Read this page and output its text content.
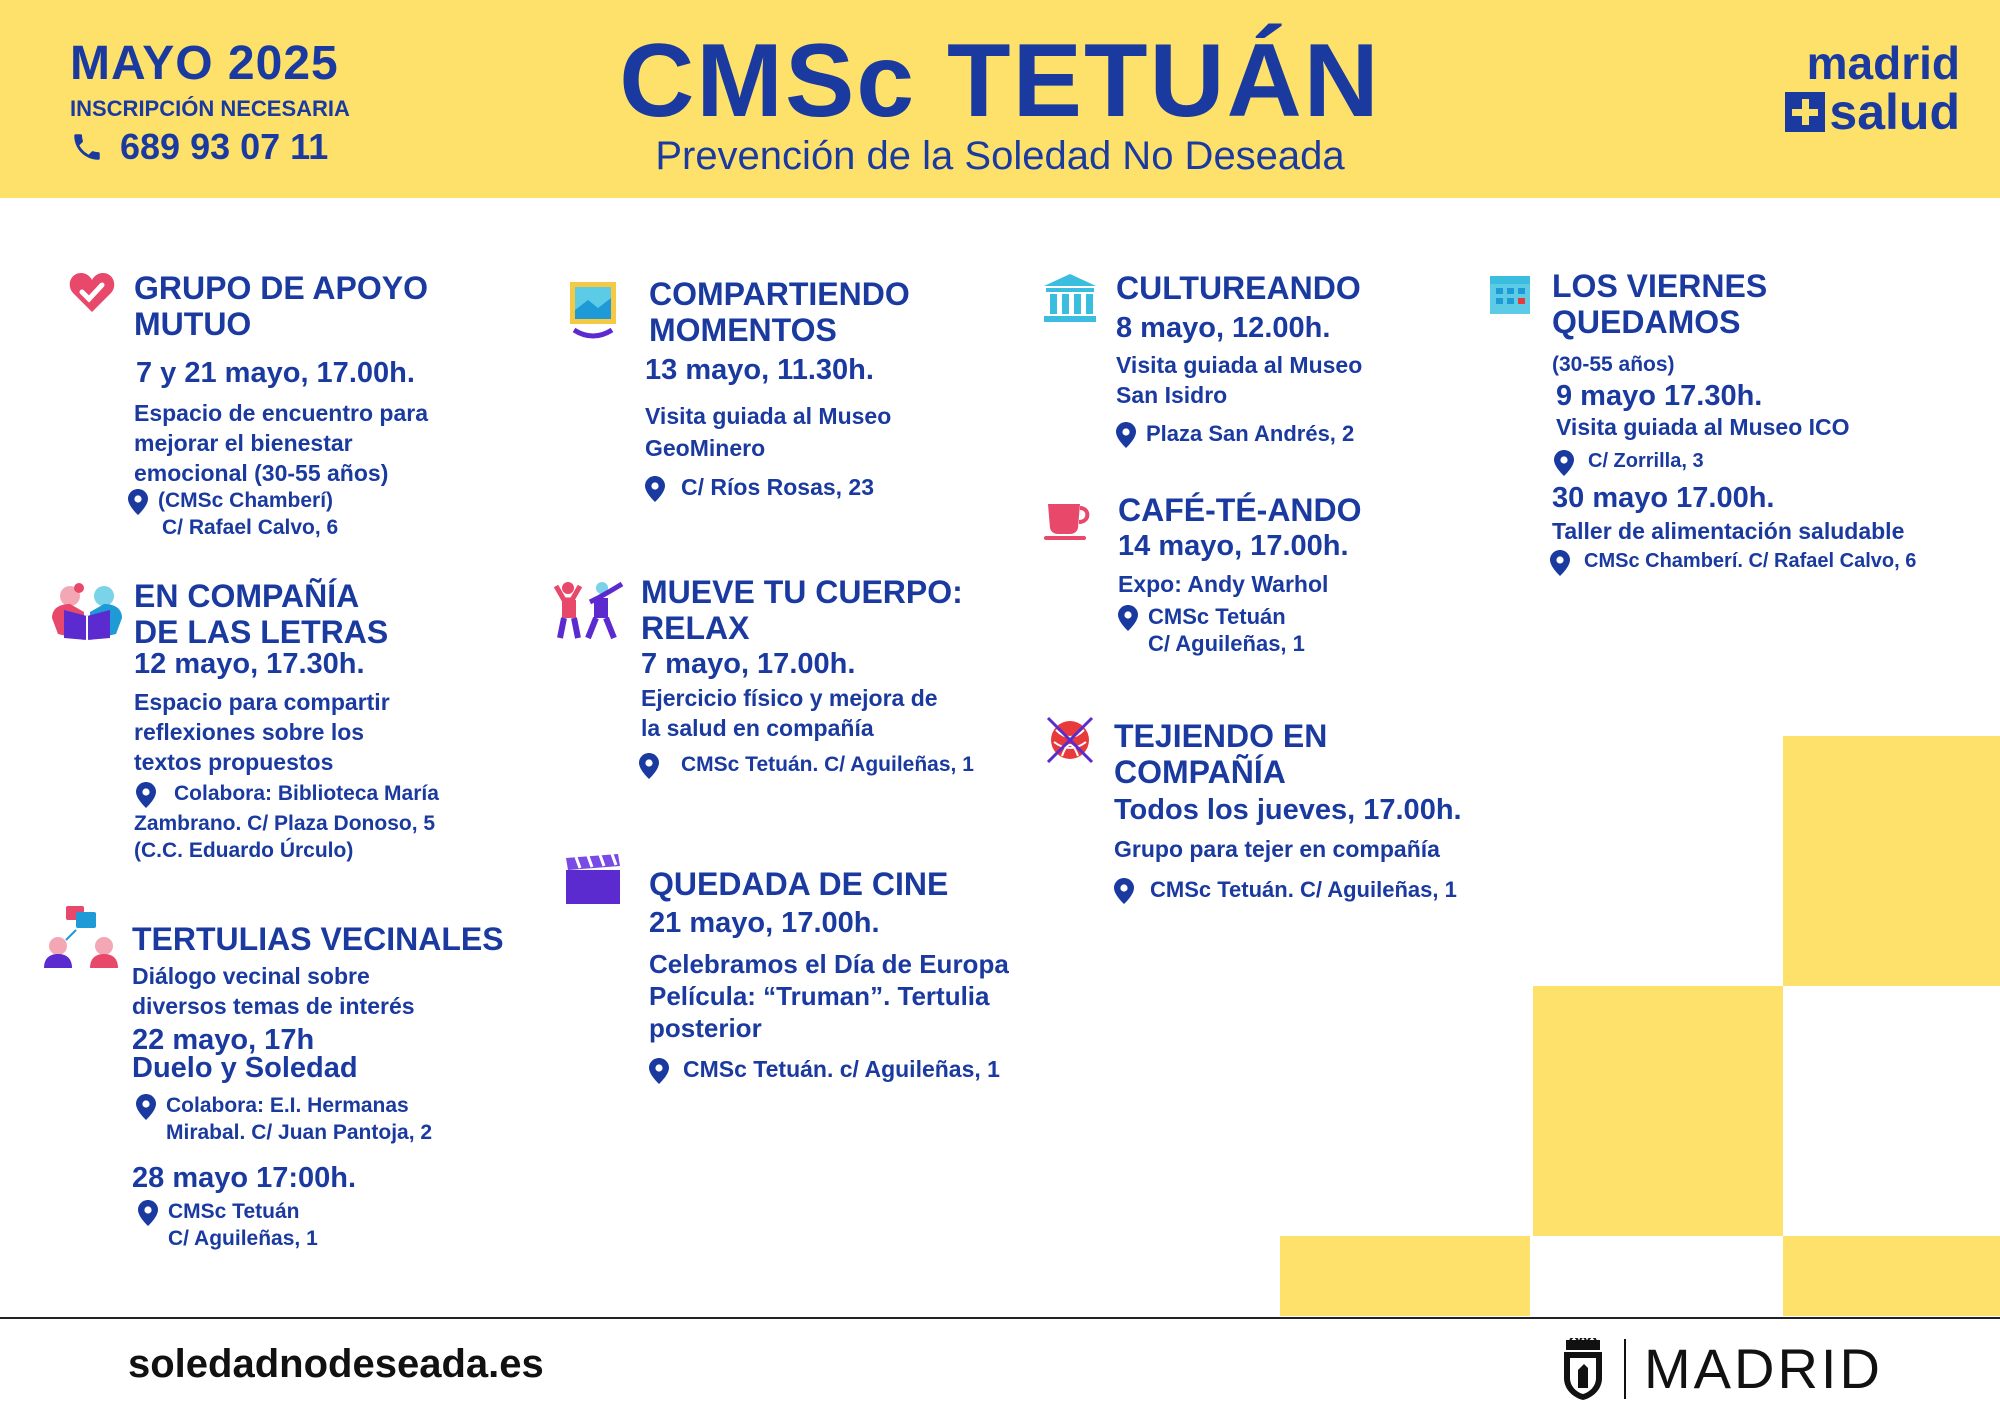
MAYO 2025
INSCRIPCIÓN NECESARIA
689 93 07 11
CMSc TETUÁN
Prevención de la Soledad No Deseada
madrid
salud
GRUPO DE APOYO
MUTUO
7 y 21 mayo, 17.00h.
Espacio de encuentro para
mejorar el bienestar
emocional (30-55 años)
(CMSc Chamberí)
C/ Rafael Calvo, 6
EN COMPAÑÍA
DE LAS LETRAS
12 mayo, 17.30h.
Espacio para compartir
reflexiones sobre los
textos propuestos
Colabora: Biblioteca María
Zambrano. C/ Plaza Donoso, 5
(C.C. Eduardo Úrculo)
TERTULIAS VECINALES
Diálogo vecinal sobre
diversos temas de interés
22 mayo, 17h
Duelo y Soledad
Colabora: E.I. Hermanas
Mirabal. C/ Juan Pantoja, 2
28 mayo 17:00h.
CMSc Tetuán
C/ Aguileñas, 1
COMPARTIENDO
MOMENTOS
13 mayo, 11.30h.
Visita guiada al Museo
GeoMinero
C/ Ríos Rosas, 23
MUEVE TU CUERPO:
RELAX
7 mayo, 17.00h.
Ejercicio físico y mejora de
la salud en compañía
CMSc Tetuán. C/ Aguileñas, 1
QUEDADA DE CINE
21 mayo, 17.00h.
Celebramos el Día de Europa
Película: “Truman”. Tertulia
posterior
CMSc Tetuán. c/ Aguileñas, 1
CULTUREANDO
8 mayo, 12.00h.
Visita guiada al Museo
San Isidro
Plaza San Andrés, 2
CAFÉ-TÉ-ANDO
14 mayo, 17.00h.
Expo: Andy Warhol
CMSc Tetuán
C/ Aguileñas, 1
TEJIENDO EN
COMPAÑÍA
Todos los jueves, 17.00h.
Grupo para tejer en compañía
CMSc Tetuán. C/ Aguileñas, 1
LOS VIERNES
QUEDAMOS
(30-55 años)
9 mayo 17.30h.
Visita guiada al Museo ICO
C/ Zorrilla, 3
30 mayo 17.00h.
Taller de alimentación saludable
CMSc Chamberí. C/ Rafael Calvo, 6
soledadnodeseada.es	MADRID
